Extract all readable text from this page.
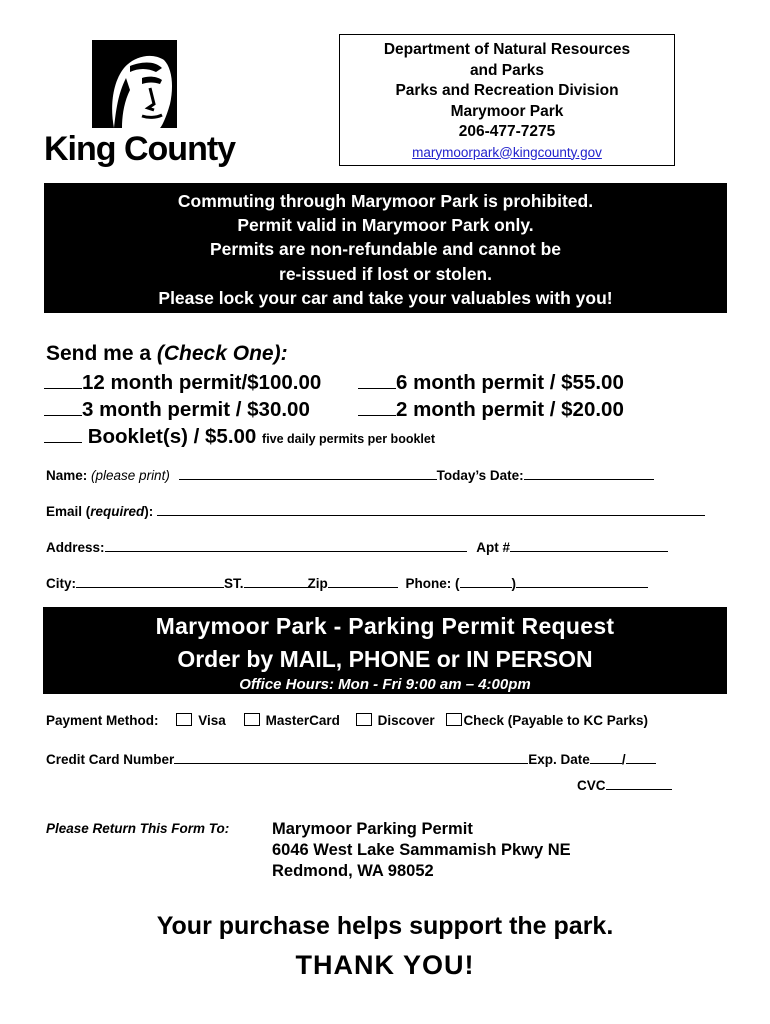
King County
Department of Natural Resources
and Parks
Parks and Recreation Division
Marymoor Park
206-477-7275
marymoorpark@kingcounty.gov
Commuting through Marymoor Park is prohibited.
Permit valid in Marymoor Park only.
Permits are non-refundable and cannot be
re-issued if lost or stolen.
Please lock your car and take your valuables with you!
Send me a (Check One):
12 month permit/$100.00	6 month permit / $55.00
3 month permit / $30.00	2 month permit / $20.00
Booklet(s) / $5.00 five daily permits per booklet
Name: (please print)	Today’s Date:
Email (required):
Address:	Apt #
City:	ST.	Zip	Phone: (	)
Marymoor Park - Parking Permit Request
Order by MAIL, PHONE or IN PERSON
Office Hours: Mon - Fri 9:00 am – 4:00pm
Payment Method:	Visa	MasterCard	Discover Check (Payable to KC Parks)
Credit Card Number	Exp. Date /
CVC
Please Return This Form To:	Marymoor Parking Permit
6046 West Lake Sammamish Pkwy NE
Redmond, WA 98052
Your purchase helps support the park.
THANK YOU!
